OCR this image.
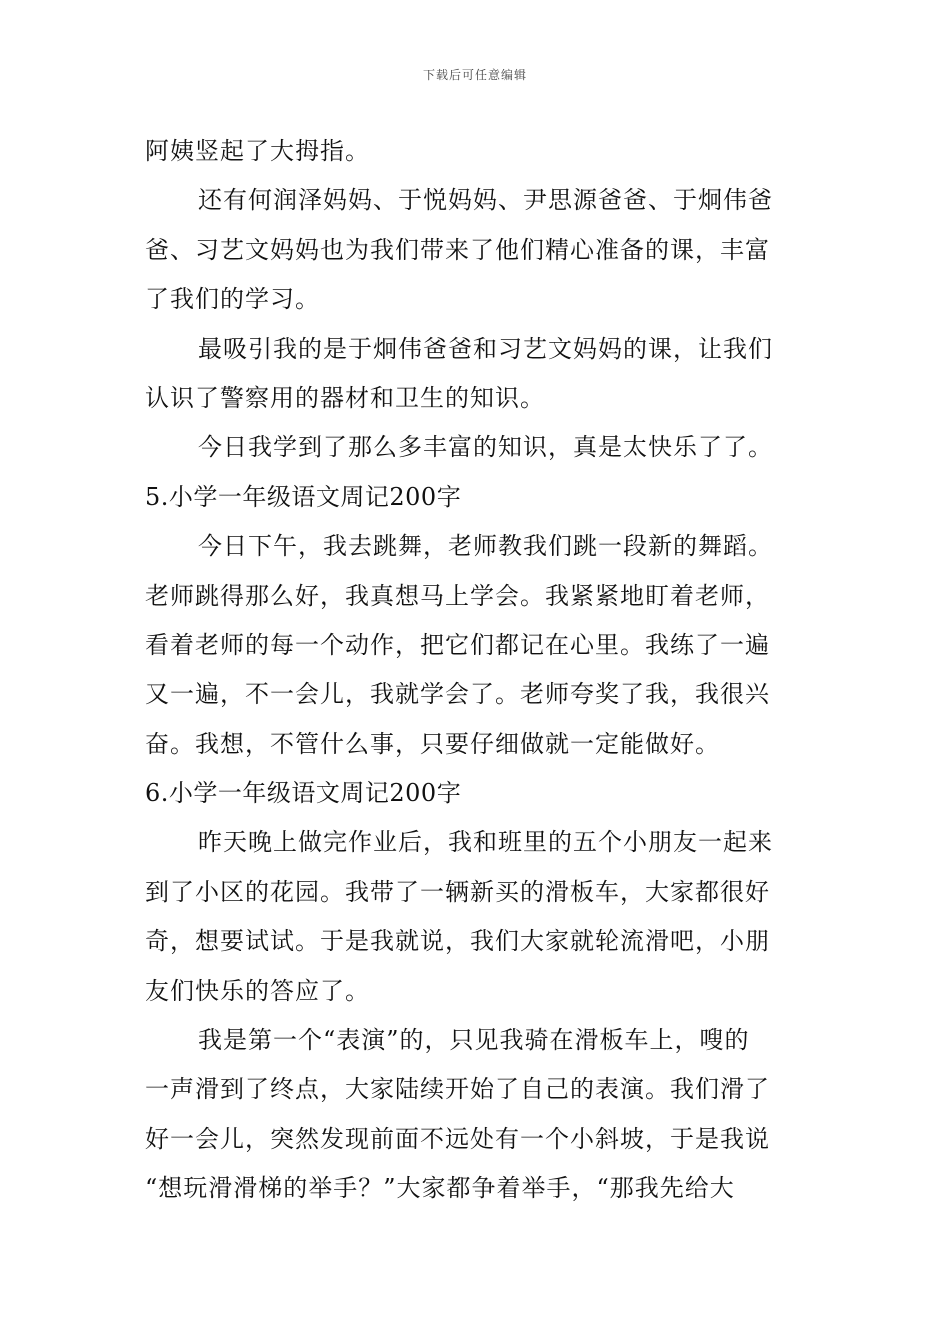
下载后可任意编辑
阿姨竖起了大拇指。
还有何润泽妈妈、于悦妈妈、尹思源爸爸、于炯伟爸
爸、习艺文妈妈也为我们带来了他们精心准备的课，丰富
了我们的学习。
最吸引我的是于炯伟爸爸和习艺文妈妈的课，让我们
认识了警察用的器材和卫生的知识。
今日我学到了那么多丰富的知识，真是太快乐了了。
5.小学一年级语文周记200字
今日下午，我去跳舞，老师教我们跳一段新的舞蹈。
老师跳得那么好，我真想马上学会。我紧紧地盯着老师，
看着老师的每一个动作，把它们都记在心里。我练了一遍
又一遍，不一会儿，我就学会了。老师夸奖了我，我很兴
奋。我想，不管什么事，只要仔细做就一定能做好。
6.小学一年级语文周记200字
昨天晚上做完作业后，我和班里的五个小朋友一起来
到了小区的花园。我带了一辆新买的滑板车，大家都很好
奇，想要试试。于是我就说，我们大家就轮流滑吧，小朋
友们快乐的答应了。
我是第一个“表演”的，只见我骑在滑板车上，嗖的
一声滑到了终点，大家陆续开始了自己的表演。我们滑了
好一会儿，突然发现前面不远处有一个小斜坡，于是我说
“想玩滑滑梯的举手？”大家都争着举手，“那我先给大
